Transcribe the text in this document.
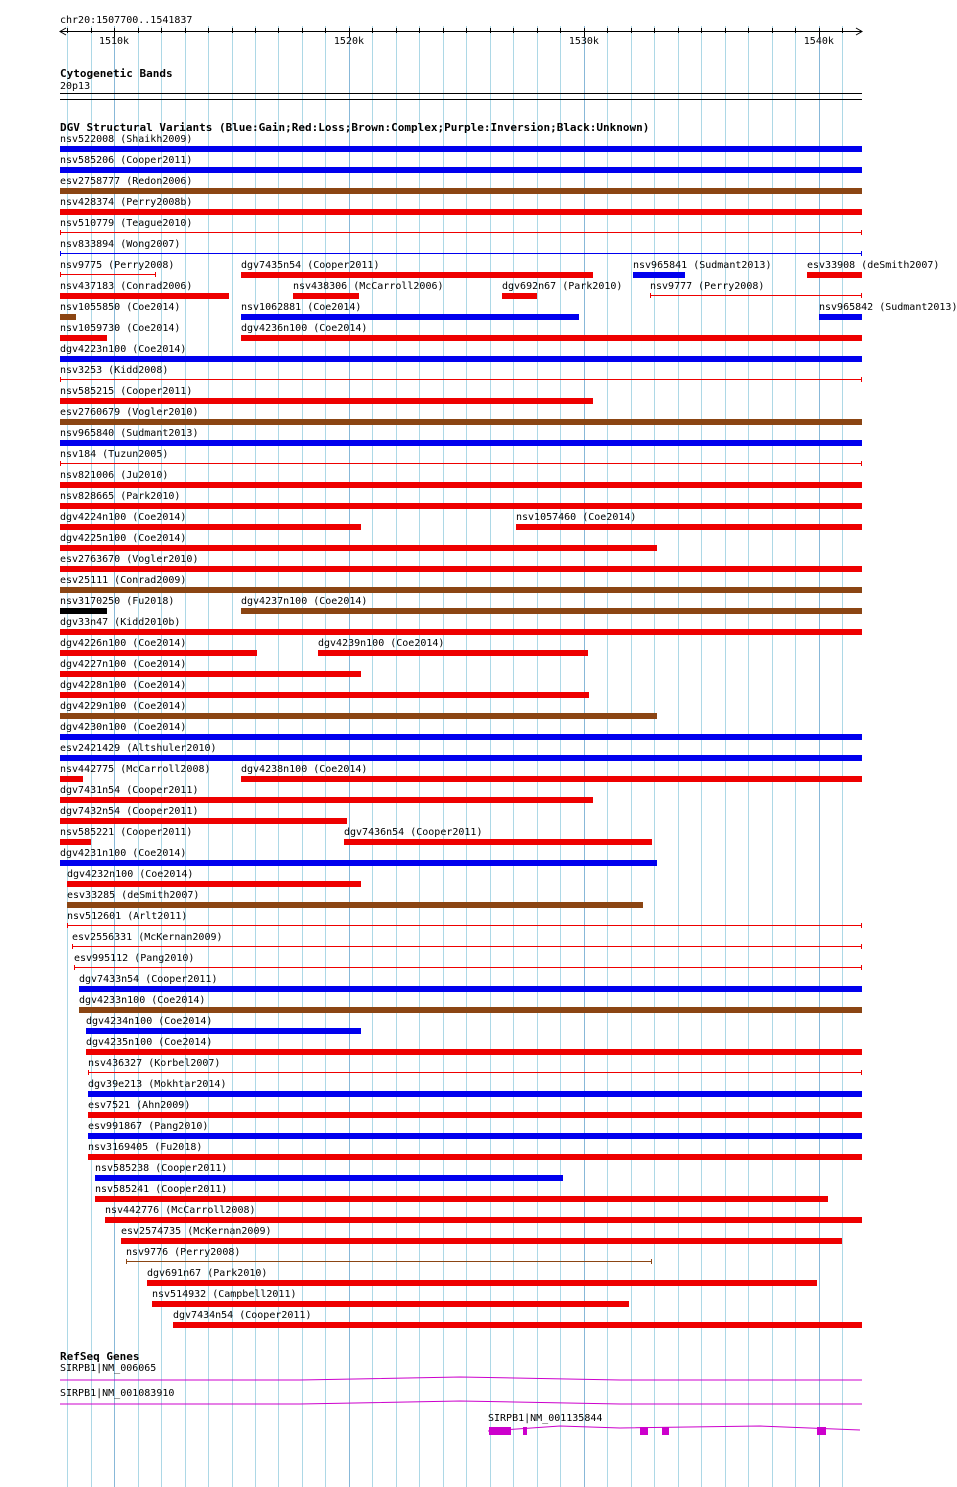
chr20:1507700..1541837
1510k	1520k	1530k	1540k
Cytogenetic Bands
20p13
DGV Structural Variants (Blue:Gain;Red:Loss;Brown:Complex;Purple:Inversion;Black:Unknown)
nsv522008 (Shaikh2009)
nsv585206 (Cooper2011)
esv2758777 (Redon2006)
nsv428374 (Perry2008b)
nsv510779 (Teague2010)
nsv833894 (Wong2007)
nsv9775 (Perry2008)	dgv7435n54 (Cooper2011)	nsv965841 (Sudmant2013)	esv33908 (deSmith2007)
nsv437183 (Conrad2006)	nsv438306 (McCarroll2006)	dgv692n67 (Park2010)	nsv9777 (Perry2008)
nsv1055850 (Coe2014)	nsv1062881 (Coe2014)	nsv965842 (Sudmant2013)
nsv1059730 (Coe2014)	dgv4236n100 (Coe2014)
dgv4223n100 (Coe2014)
nsv3253 (Kidd2008)
nsv585215 (Cooper2011)
esv2760679 (Vogler2010)
nsv965840 (Sudmant2013)
nsv184 (Tuzun2005)
nsv821006 (Ju2010)
nsv828665 (Park2010)
dgv4224n100 (Coe2014)	nsv1057460 (Coe2014)
dgv4225n100 (Coe2014)
esv2763670 (Vogler2010)
esv25111 (Conrad2009)
nsv3170250 (Fu2018)	dgv4237n100 (Coe2014)
dgv33n47 (Kidd2010b)
dgv4226n100 (Coe2014)	dgv4239n100 (Coe2014)
dgv4227n100 (Coe2014)
dgv4228n100 (Coe2014)
dgv4229n100 (Coe2014)
dgv4230n100 (Coe2014)
esv2421429 (Altshuler2010)
nsv442775 (McCarroll2008)	dgv4238n100 (Coe2014)
dgv7431n54 (Cooper2011)
dgv7432n54 (Cooper2011)
nsv585221 (Cooper2011)	dgv7436n54 (Cooper2011)
dgv4231n100 (Coe2014)
dgv4232n100 (Coe2014)
esv33285 (deSmith2007)
nsv512601 (Arlt2011)
esv2556331 (McKernan2009)
esv995112 (Pang2010)
dgv7433n54 (Cooper2011)
dgv4233n100 (Coe2014)
dgv4234n100 (Coe2014)
dgv4235n100 (Coe2014)
nsv436327 (Korbel2007)
dgv39e213 (Mokhtar2014)
esv7521 (Ahn2009)
esv991867 (Pang2010)
nsv3169405 (Fu2018)
nsv585238 (Cooper2011)
nsv585241 (Cooper2011)
nsv442776 (McCarroll2008)
esv2574735 (McKernan2009)
nsv9776 (Perry2008)
dgv691n67 (Park2010)
nsv514932 (Campbell2011)
dgv7434n54 (Cooper2011)
RefSeq Genes
SIRPB1|NM_006065
SIRPB1|NM_001083910
SIRPB1|NM_001135844
